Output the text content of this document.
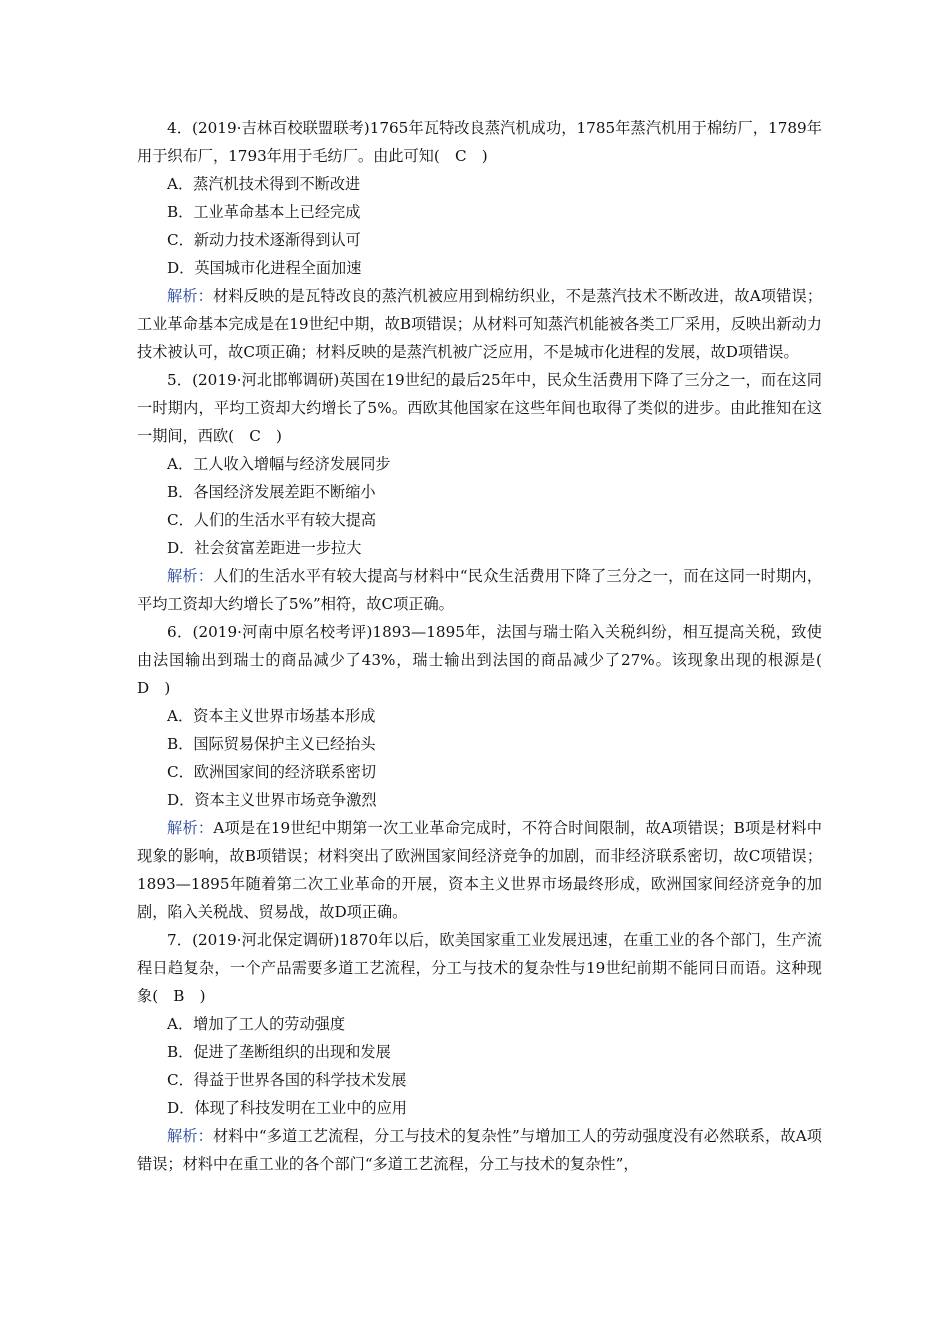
4．(2019·吉林百校联盟联考)1765年瓦特改良蒸汽机成功，1785年蒸汽机用于棉纺厂，1789年用于织布厂，1793年用于毛纺厂。由此可知(　C　)

A．蒸汽机技术得到不断改进

B．工业革命基本上已经完成

C．新动力技术逐渐得到认可

D．英国城市化进程全面加速

解析：材料反映的是瓦特改良的蒸汽机被应用到棉纺织业，不是蒸汽技术不断改进，故A项错误；工业革命基本完成是在19世纪中期，故B项错误；从材料可知蒸汽机能被各类工厂采用，反映出新动力技术被认可，故C项正确；材料反映的是蒸汽机被广泛应用，不是城市化进程的发展，故D项错误。

5．(2019·河北邯郸调研)英国在19世纪的最后25年中，民众生活费用下降了三分之一，而在这同一时期内，平均工资却大约增长了5%。西欧其他国家在这些年间也取得了类似的进步。由此推知在这一期间，西欧(　C　)

A．工人收入增幅与经济发展同步

B．各国经济发展差距不断缩小

C．人们的生活水平有较大提高

D．社会贫富差距进一步拉大

解析：人们的生活水平有较大提高与材料中“民众生活费用下降了三分之一，而在这同一时期内，平均工资却大约增长了5%”相符，故C项正确。

6．(2019·河南中原名校考评)1893—1895年，法国与瑞士陷入关税纠纷，相互提高关税，致使由法国输出到瑞士的商品减少了43%，瑞士输出到法国的商品减少了27%。该现象出现的根源是(　D　)

A．资本主义世界市场基本形成

B．国际贸易保护主义已经抬头

C．欧洲国家间的经济联系密切

D．资本主义世界市场竞争激烈

解析：A项是在19世纪中期第一次工业革命完成时，不符合时间限制，故A项错误；B项是材料中现象的影响，故B项错误；材料突出了欧洲国家间经济竞争的加剧，而非经济联系密切，故C项错误；1893—1895年随着第二次工业革命的开展，资本主义世界市场最终形成，欧洲国家间经济竞争的加剧，陷入关税战、贸易战，故D项正确。

7．(2019·河北保定调研)1870年以后，欧美国家重工业发展迅速，在重工业的各个部门，生产流程日趋复杂，一个产品需要多道工艺流程，分工与技术的复杂性与19世纪前期不能同日而语。这种现象(　B　)

A．增加了工人的劳动强度

B．促进了垄断组织的出现和发展

C．得益于世界各国的科学技术发展

D．体现了科技发明在工业中的应用

解析：材料中“多道工艺流程，分工与技术的复杂性”与增加工人的劳动强度没有必然联系，故A项错误；材料中在重工业的各个部门“多道工艺流程，分工与技术的复杂性”，
